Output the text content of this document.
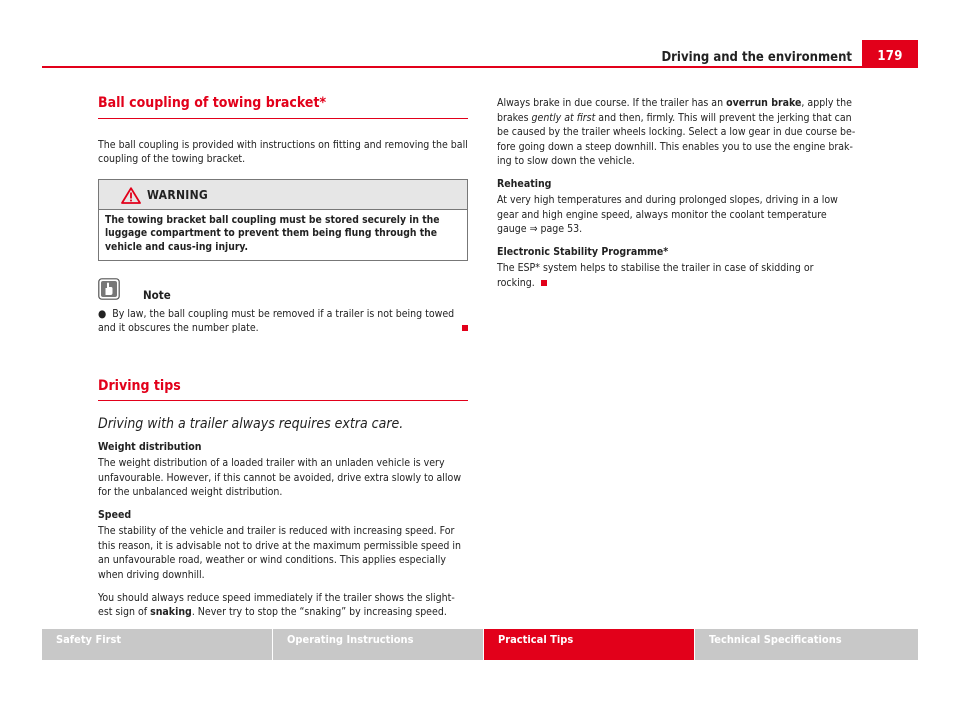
Driving and the environment	179
Ball coupling of towing bracket*

The ball coupling is provided with instructions on fitting and removing the ball coupling of the towing bracket.

WARNING
The towing bracket ball coupling must be stored securely in the luggage compartment to prevent them being flung through the vehicle and caus-ing injury.
Note

● By law, the ball coupling must be removed if a trailer is not being towed and it obscures the number plate.

Driving tips

Driving with a trailer always requires extra care.

Weight distribution

The weight distribution of a loaded trailer with an unladen vehicle is very unfavourable. However, if this cannot be avoided, drive extra slowly to allow for the unbalanced weight distribution.

Speed

The stability of the vehicle and trailer is reduced with increasing speed. For this reason, it is advisable not to drive at the maximum permissible speed in an unfavourable road, weather or wind conditions. This applies especially when driving downhill.

You should always reduce speed immediately if the trailer shows the slight-est sign of snaking. Never try to stop the “snaking” by increasing speed.

Always brake in due course. If the trailer has an overrun brake, apply the brakes gently at first and then, firmly. This will prevent the jerking that can be caused by the trailer wheels locking. Select a low gear in due course be-fore going down a steep downhill. This enables you to use the engine brak-ing to slow down the vehicle.

Reheating

At very high temperatures and during prolonged slopes, driving in a low gear and high engine speed, always monitor the coolant temperature gauge ⇒ page 53.

Electronic Stability Programme*

The ESP* system helps to stabilise the trailer in case of skidding or rocking.

Safety First	Operating Instructions	Practical Tips	Technical Specifications
